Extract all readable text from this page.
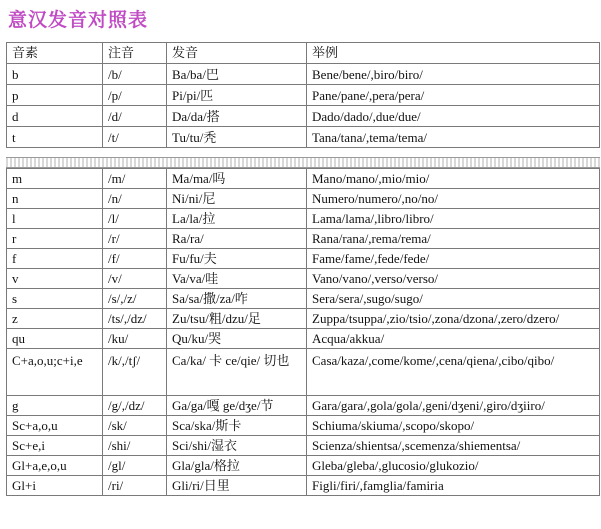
意汉发音对照表
音素	注音	发音	举例
b	/b/	Ba/ba/巴	Bene/bene/,biro/biro/
p	/p/	Pi/pi/匹	Pane/pane/,pera/pera/
d	/d/	Da/da/搭	Dado/dado/,due/due/
t	/t/	Tu/tu/秃	Tana/tana/,tema/tema/
m	/m/	Ma/ma/吗	Mano/mano/,mio/mio/
n	/n/	Ni/ni/尼	Numero/numero/,no/no/
l	/l/	La/la/拉	Lama/lama/,libro/libro/
r	/r/	Ra/ra/	Rana/rana/,rema/rema/
f	/f/	Fu/fu/夫	Fame/fame/,fede/fede/
v	/v/	Va/va/哇	Vano/vano/,verso/verso/
s	/s/,/z/	Sa/sa/撒/za/咋	Sera/sera/,sugo/sugo/
z	/ts/,/dz/	Zu/tsu/粗/dzu/足	Zuppa/tsuppa/,zio/tsio/,zona/dzona/,zero/dzero/
qu	/ku/	Qu/ku/哭	Acqua/akkua/
C+a,o,u;c+i,e	/k/,/tʃ/	Ca/ka/ 卡 ce/qie/ 切也	Casa/kaza/,come/kome/,cena/qiena/,cibo/qibo/
g	/g/,/dz/	Ga/ga/嘎 ge/dʒe/节	Gara/gara/,gola/gola/,geni/dʒeni/,giro/dʒiiro/
Sc+a,o,u	/sk/	Sca/ska/斯卡	Schiuma/skiuma/,scopo/skopo/
Sc+e,i	/shi/	Sci/shi/湿衣	Scienza/shientsa/,scemenza/shiementsa/
Gl+a,e,o,u	/gl/	Gla/gla/格拉	Gleba/gleba/,glucosio/glukozio/
Gl+i	/ri/	Gli/ri/日里	Figli/firi/,famglia/famiria
